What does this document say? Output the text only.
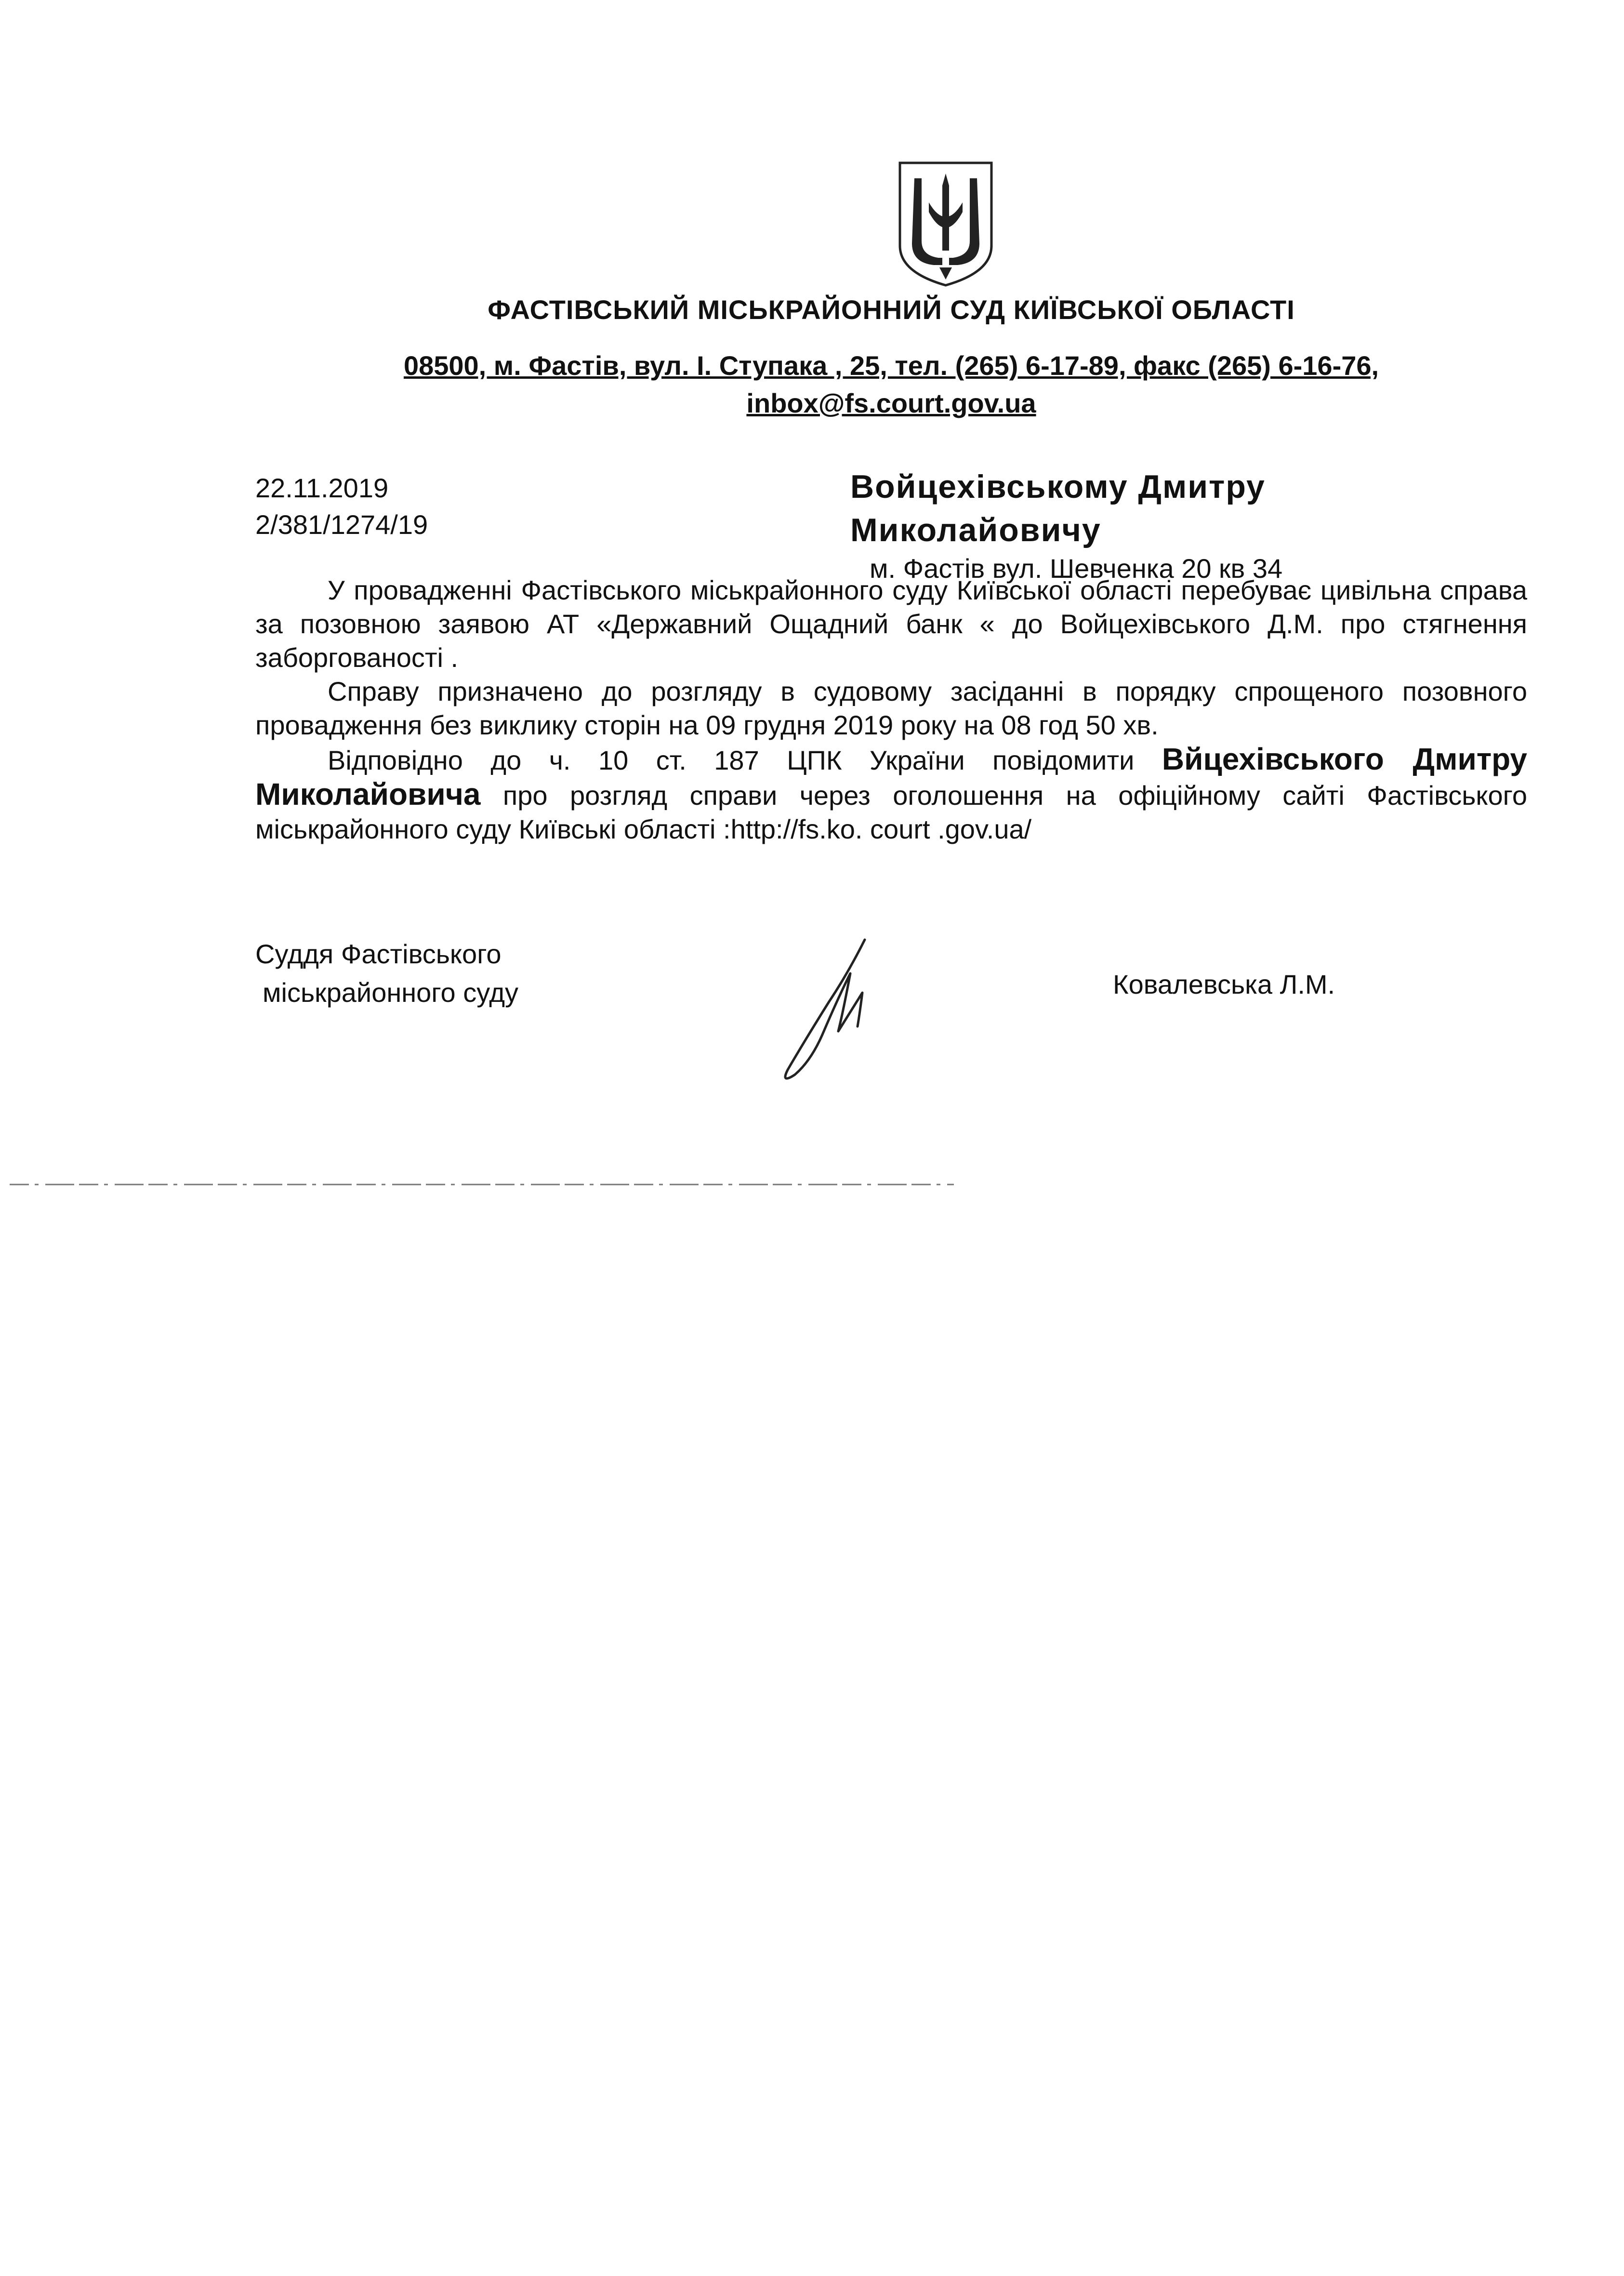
ФАСТІВСЬКИЙ МІСЬКРАЙОННИЙ СУД КИЇВСЬКОЇ ОБЛАСТІ
08500, м. Фастів, вул. І. Ступака , 25, тел. (265) 6-17-89, факс (265) 6-16-76,
inbox@fs.court.gov.ua
22.11.2019
2/381/1274/19
Войцехівському Дмитру Миколайовичу
м. Фастів вул. Шевченка 20 кв 34

У провадженні Фастівського міськрайонного суду Київської області перебуває цивільна справа за позовною заявою АТ «Державний Ощадний банк « до Войцехівського Д.М. про стягнення заборгованості .

Справу призначено до розгляду в судовому засіданні в порядку спрощеного позовного провадження без виклику сторін на 09 грудня 2019 року на 08 год 50 хв.

Відповідно до ч. 10 ст. 187 ЦПК України повідомити Вйцехівського Дмитру Миколайовича про розгляд справи через оголошення на офіційному сайті Фастівського міськрайонного суду Київські області :http://fs.ko. court .gov.ua/

Суддя Фастівського
міськрайонного суду	Ковалевська Л.М.
